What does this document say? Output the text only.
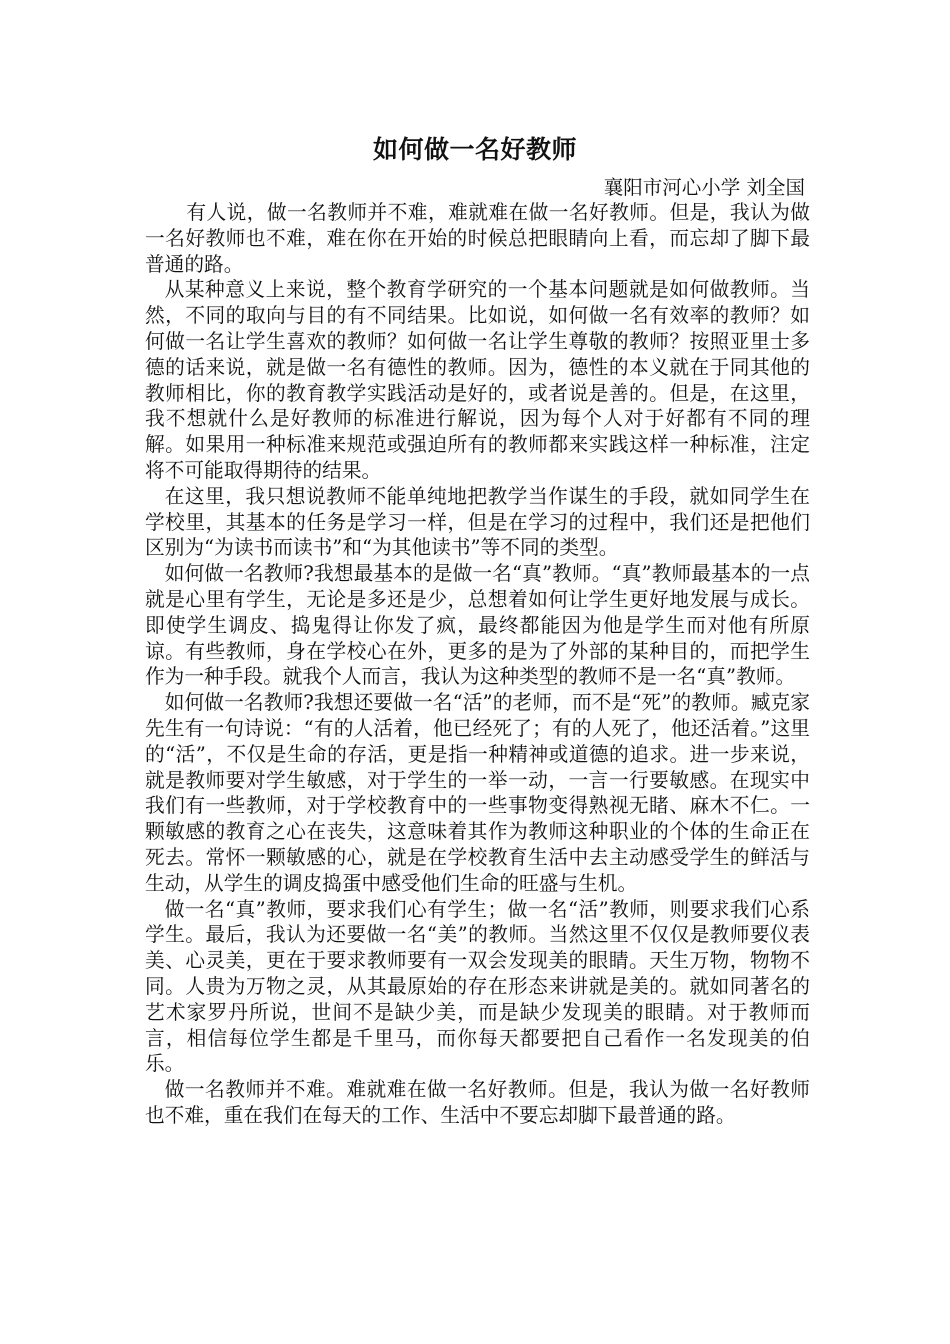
如何做一名好教师
襄阳市河心小学 刘全国

有人说，做一名教师并不难，难就难在做一名好教师。但是，我认为做一名好教师也不难，难在你在开始的时候总把眼睛向上看，而忘却了脚下最普通的路。

从某种意义上来说，整个教育学研究的一个基本问题就是如何做教师。当然，不同的取向与目的有不同结果。比如说，如何做一名有效率的教师？如何做一名让学生喜欢的教师？如何做一名让学生尊敬的教师？按照亚里士多德的话来说，就是做一名有德性的教师。因为，德性的本义就在于同其他的教师相比，你的教育教学实践活动是好的，或者说是善的。但是，在这里，我不想就什么是好教师的标准进行解说，因为每个人对于好都有不同的理解。如果用一种标准来规范或强迫所有的教师都来实践这样一种标准，注定将不可能取得期待的结果。

在这里，我只想说教师不能单纯地把教学当作谋生的手段，就如同学生在学校里，其基本的任务是学习一样，但是在学习的过程中，我们还是把他们区别为“为读书而读书”和“为其他读书”等不同的类型。

如何做一名教师?我想最基本的是做一名“真”教师。“真”教师最基本的一点就是心里有学生，无论是多还是少，总想着如何让学生更好地发展与成长。即使学生调皮、捣鬼得让你发了疯，最终都能因为他是学生而对他有所原谅。有些教师，身在学校心在外，更多的是为了外部的某种目的，而把学生作为一种手段。就我个人而言，我认为这种类型的教师不是一名“真”教师。

如何做一名教师?我想还要做一名“活”的老师，而不是“死”的教师。臧克家先生有一句诗说：“有的人活着，他已经死了；有的人死了，他还活着。”这里的“活”，不仅是生命的存活，更是指一种精神或道德的追求。进一步来说，就是教师要对学生敏感，对于学生的一举一动，一言一行要敏感。在现实中我们有一些教师，对于学校教育中的一些事物变得熟视无睹、麻木不仁。一颗敏感的教育之心在丧失，这意味着其作为教师这种职业的个体的生命正在死去。常怀一颗敏感的心，就是在学校教育生活中去主动感受学生的鲜活与生动，从学生的调皮捣蛋中感受他们生命的旺盛与生机。

做一名“真”教师，要求我们心有学生；做一名“活”教师，则要求我们心系学生。最后，我认为还要做一名“美”的教师。当然这里不仅仅是教师要仪表美、心灵美，更在于要求教师要有一双会发现美的眼睛。天生万物，物物不同。人贵为万物之灵，从其最原始的存在形态来讲就是美的。就如同著名的艺术家罗丹所说，世间不是缺少美，而是缺少发现美的眼睛。对于教师而言，相信每位学生都是千里马，而你每天都要把自己看作一名发现美的伯乐。

做一名教师并不难。难就难在做一名好教师。但是，我认为做一名好教师也不难，重在我们在每天的工作、生活中不要忘却脚下最普通的路。
